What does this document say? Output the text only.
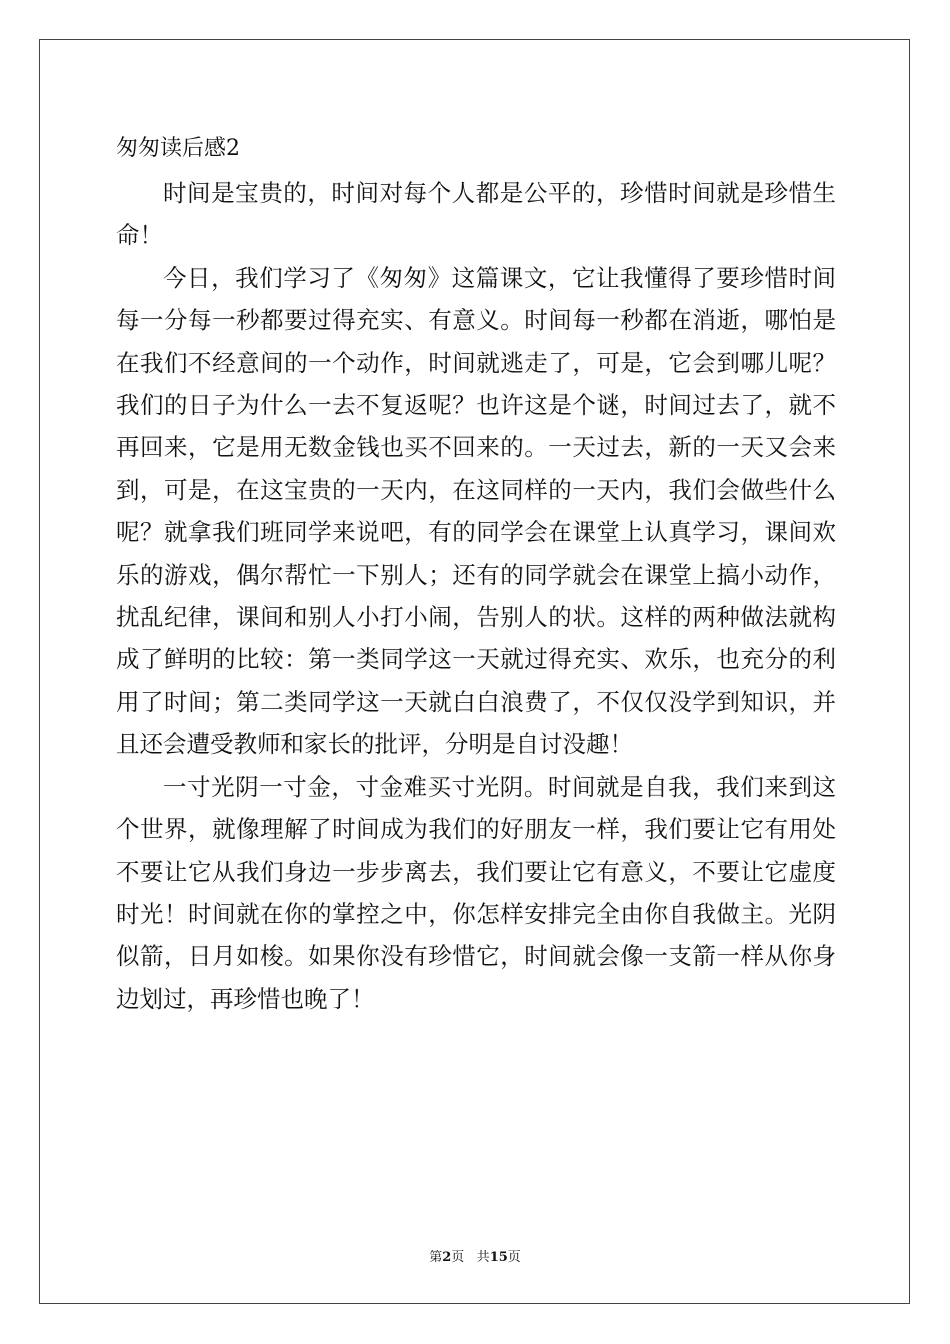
匆匆读后感2

时间是宝贵的，时间对每个人都是公平的，珍惜时间就是珍惜生命！

今日，我们学习了《匆匆》这篇课文，它让我懂得了要珍惜时间每一分每一秒都要过得充实、有意义。时间每一秒都在消逝，哪怕是在我们不经意间的一个动作，时间就逃走了，可是，它会到哪儿呢？我们的日子为什么一去不复返呢？也许这是个谜，时间过去了，就不再回来，它是用无数金钱也买不回来的。一天过去，新的一天又会来到，可是，在这宝贵的一天内，在这同样的一天内，我们会做些什么呢？就拿我们班同学来说吧，有的同学会在课堂上认真学习，课间欢乐的游戏，偶尔帮忙一下别人；还有的同学就会在课堂上搞小动作，扰乱纪律，课间和别人小打小闹，告别人的状。这样的两种做法就构成了鲜明的比较：第一类同学这一天就过得充实、欢乐，也充分的利用了时间；第二类同学这一天就白白浪费了，不仅仅没学到知识，并且还会遭受教师和家长的批评，分明是自讨没趣！

一寸光阴一寸金，寸金难买寸光阴。时间就是自我，我们来到这个世界，就像理解了时间成为我们的好朋友一样，我们要让它有用处不要让它从我们身边一步步离去，我们要让它有意义，不要让它虚度时光！时间就在你的掌控之中，你怎样安排完全由你自我做主。光阴似箭，日月如梭。如果你没有珍惜它，时间就会像一支箭一样从你身边划过，再珍惜也晚了！

第2页 共15页
